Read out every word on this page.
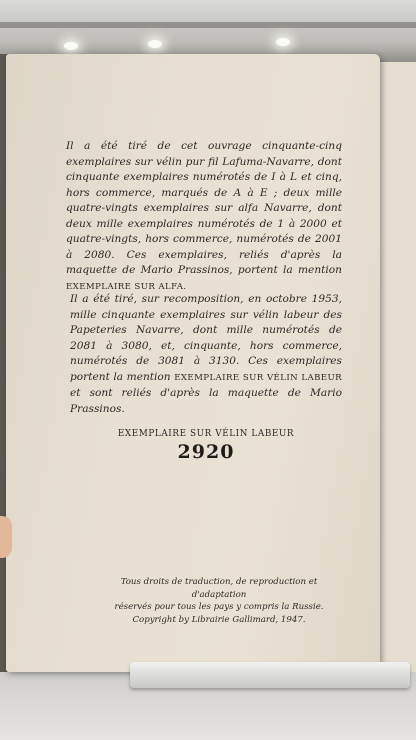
Il a été tiré de cet ouvrage cinquante-cinq exemplaires sur vélin pur fil Lafuma-Navarre, dont cinquante exemplaires numérotés de I à L et cinq, hors commerce, marqués de A à E ; deux mille quatre-vingts exemplaires sur alfa Navarre, dont deux mille exemplaires numérotés de 1 à 2000 et quatre-vingts, hors commerce, numérotés de 2001 à 2080. Ces exemplaires, reliés d'après la maquette de Mario Prassinos, portent la mention EXEMPLAIRE SUR ALFA.
Il a été tiré, sur recomposition, en octobre 1953, mille cinquante exemplaires sur vélin labeur des Papeteries Navarre, dont mille numérotés de 2081 à 3080, et, cinquante, hors commerce, numérotés de 3081 à 3130. Ces exemplaires portent la mention EXEMPLAIRE SUR VÉLIN LABEUR et sont reliés d'après la maquette de Mario Prassinos.
EXEMPLAIRE SUR VÉLIN LABEUR
2920
Tous droits de traduction, de reproduction et d'adaptation
réservés pour tous les pays y compris la Russie.
Copyright by Librairie Gallimard, 1947.
